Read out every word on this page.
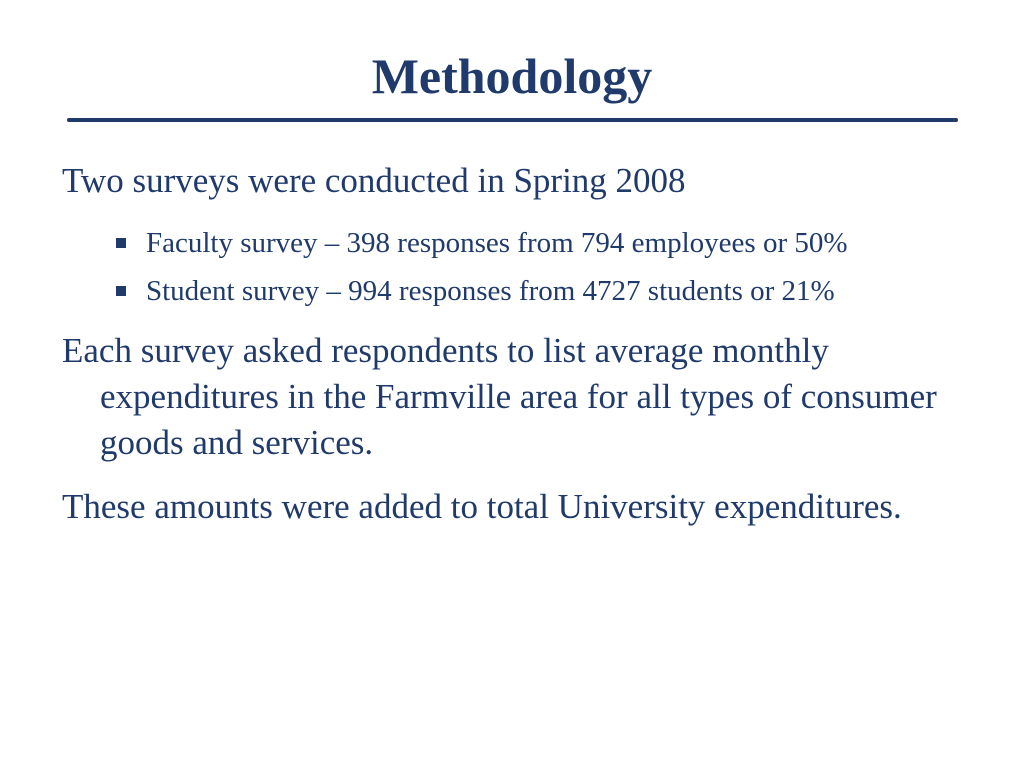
Methodology

Two surveys were conducted in Spring 2008

Faculty survey – 398 responses from 794 employees or 50%
Student survey – 994 responses from 4727 students or 21%

Each survey asked respondents to list average monthly expenditures in the Farmville area for all types of consumer goods and services.

These amounts were added to total University expenditures.
